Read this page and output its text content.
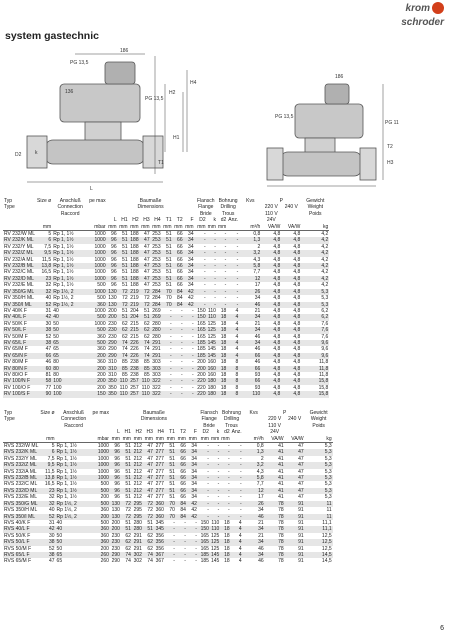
system gastechnic
krom
schroder
PG 13,5
186
136
PG 13,5
H4
H2
H1
T1
D2	k
L
186
PG 13,5
PG 11
H3
T2
Typ	Size ø	Anschluß	pe max	Baumaße								Flansch		Bohrung		Kvs	P		Gewicht
Type		Connection		Dimensions								Flange		Drilling			220 V	240 V	Weight
		Raccord										Bride		Trous			110 V		Poids
				L	H1	H2	H3	H4	T1	T2	F	D2	k	d2	Anz.		24V		
	mm		mbar	mm	mm	mm	mm	mm	mm	mm	mm	mm	mm	mm		m³/h	VA/W	VA/W	kg
RV 232/W ML	5	Rp 1, 1½	1000	96	51	188	47	253	51	66	34	-	-	-	-	0,8	4,8	4,8	4,2
RV 232/K ML	6	Rp 1, 1½	1000	96	51	188	47	253	51	66	34	-	-	-	-	1,3	4,8	4,8	4,2
RV 232/Y ML	7,5	Rp 1, 1½	1000	96	51	188	47	253	51	66	34	-	-	-	-	2	4,8	4,8	4,2
RV 232/Z ML	9,5	Rp 1, 1½	1000	96	51	188	47	253	51	66	34	-	-	-	-	3,2	4,8	4,8	4,2
RV 232/A ML	11,5	Rp 1, 1½	1000	96	51	188	47	253	51	66	34	-	-	-	-	4,3	4,8	4,8	4,2
RV 232/B ML	13,8	Rp 1, 1½	1000	96	51	188	47	253	51	66	34	-	-	-	-	5,8	4,8	4,8	4,2
RV 232/C ML	16,5	Rp 1, 1½	1000	96	51	188	47	253	51	66	34	-	-	-	-	7,7	4,8	4,8	4,2
RV 232/D ML	23	Rp 1, 1½	1000	96	51	188	47	253	51	66	34	-	-	-	-	12	4,8	4,8	4,2
RV 232/E ML	32	Rp 1, 1½	500	96	51	188	47	253	51	66	34	-	-	-	-	17	4,8	4,8	4,2
RV 350/G ML	32	Rp 1½, 2	1000	130	72	219	72	284	70	84	42	-	-	-	-	26	4,8	4,8	5,3
RV 350/H ML	40	Rp 1½, 2	500	130	72	219	72	284	70	84	42	-	-	-	-	34	4,8	4,8	5,3
RV 350/I ML	52	Rp 1½, 2	360	130	72	219	72	284	70	84	42	-	-	-	-	46	4,8	4,8	5,3
RV 40/K F	31	40	1000	200	51	204	51	269	-	-	-	150	110	18	4	21	4,8	4,8	6,2
RV 40/L F	42	40	500	200	51	204	51	269	-	-	-	150	110	18	4	34	4,8	4,8	6,2
RV 50/K F	30	50	1000	230	62	215	62	280	-	-	-	165	125	18	4	21	4,8	4,8	7,6
RV 50/L F	38	50	500	230	62	215	62	280	-	-	-	165	125	18	4	34	4,8	4,8	7,6
RV 50/M F	52	50	360	230	62	215	62	280	-	-	-	165	125	18	4	46	4,8	4,8	7,6
RV 65/L F	38	65	500	290	74	226	74	291	-	-	-	185	145	18	4	34	4,8	4,8	9,6
RV 65/M F	47	65	360	290	74	226	74	291	-	-	-	185	145	18	4	46	4,8	4,8	9,6
RV 65/N F	66	65	200	290	74	226	74	291	-	-	-	185	145	18	4	66	4,8	4,8	9,6
RV 80/M F	46	80	360	310	85	238	85	303	-	-	-	200	160	18	8	46	4,8	4,8	11,8
RV 80/N F	60	80	200	310	85	238	85	303	-	-	-	200	160	18	8	66	4,8	4,8	11,8
RV 80/O F	81	80	200	310	85	238	85	303	-	-	-	200	160	18	8	93	4,8	4,8	11,8
RV 100/N F	58	100	200	350	110	257	110	322	-	-	-	220	180	18	8	66	4,8	4,8	15,8
RV 100/O F	77	100	200	350	110	257	110	322	-	-	-	220	180	18	8	93	4,8	4,8	15,8
RV 100/S F	90	100	150	350	110	257	110	322	-	-	-	220	180	18	8	110	4,8	4,8	15,8
Typ	Size ø	Anschluß	pe max	Baumaße								Flansch		Bohrung		Kvs	P		Gewicht
Type		Connection		Dimensions								Flange		Drilling			220 V	240 V	Weight
		Raccord										Bride		Trous			110 V		Poids
				L	H1	H2	H3	H4	T1	T2	F	D2	k	d2	Anz.		24V		
	mm		mbar	mm	mm	mm	mm	mm	mm	mm	mm	mm	mm	mm		m³/h	VA/W	VA/W	kg
RVS 232/W ML	5	Rp 1, 1½	1000	96	51	212	47	277	51	66	34	-	-	-	-	0,8	41	47	5,3
RVS 232/K ML	6	Rp 1, 1½	1000	96	51	212	47	277	51	66	34	-	-	-	-	1,3	41	47	5,3
RVS 232/Y ML	7,5	Rp 1, 1½	1000	96	51	212	47	277	51	66	34	-	-	-	-	2	41	47	5,3
RVS 232/Z ML	9,5	Rp 1, 1½	1000	96	51	212	47	277	51	66	34	-	-	-	-	3,2	41	47	5,3
RVS 232/A ML	11,5	Rp 1, 1½	1000	96	51	212	47	277	51	66	34	-	-	-	-	4,3	41	47	5,3
RVS 232/B ML	13,8	Rp 1, 1½	1000	96	51	212	47	277	51	66	34	-	-	-	-	5,8	41	47	5,3
RVS 232/C ML	16,5	Rp 1, 1½	500	96	51	212	47	277	51	66	34	-	-	-	-	7,7	41	47	5,3
RVS 232/D ML	23	Rp 1, 1½	500	96	51	212	47	277	51	66	34	-	-	-	-	12	41	47	5,3
RVS 232/E ML	32	Rp 1, 1½	200	96	51	212	47	277	51	66	34	-	-	-	-	17	41	47	5,3
RVS 350/G ML	32	Rp 1½, 2	500	130	72	295	72	360	70	84	42	-	-	-	-	26	78	91	11
RVS 350/H ML	40	Rp 1½, 2	360	130	72	295	72	360	70	84	42	-	-	-	-	34	78	91	11
RVS 350/I ML	52	Rp 1½, 2	200	130	72	295	72	360	70	84	42	-	-	-	-	46	78	91	11
RVS 40/K F	31	40	500	200	51	280	51	345	-	-	-	150	110	18	4	21	78	91	11,1
RVS 40/L F	42	40	360	200	51	280	51	345	-	-	-	150	110	18	4	34	78	91	11,1
RVS 50/K F	30	50	360	230	62	291	62	356	-	-	-	165	125	18	4	21	78	91	12,5
RVS 50/L F	38	50	360	230	62	291	62	356	-	-	-	165	125	18	4	34	78	91	12,5
RVS 50/M F	52	50	200	230	62	291	62	356	-	-	-	165	125	18	4	46	78	91	12,5
RVS 65/L F	38	65	260	290	74	302	74	367	-	-	-	185	145	18	4	34	78	91	14,5
RVS 65/M F	47	65	260	290	74	302	74	367	-	-	-	185	145	18	4	46	78	91	14,5
6
